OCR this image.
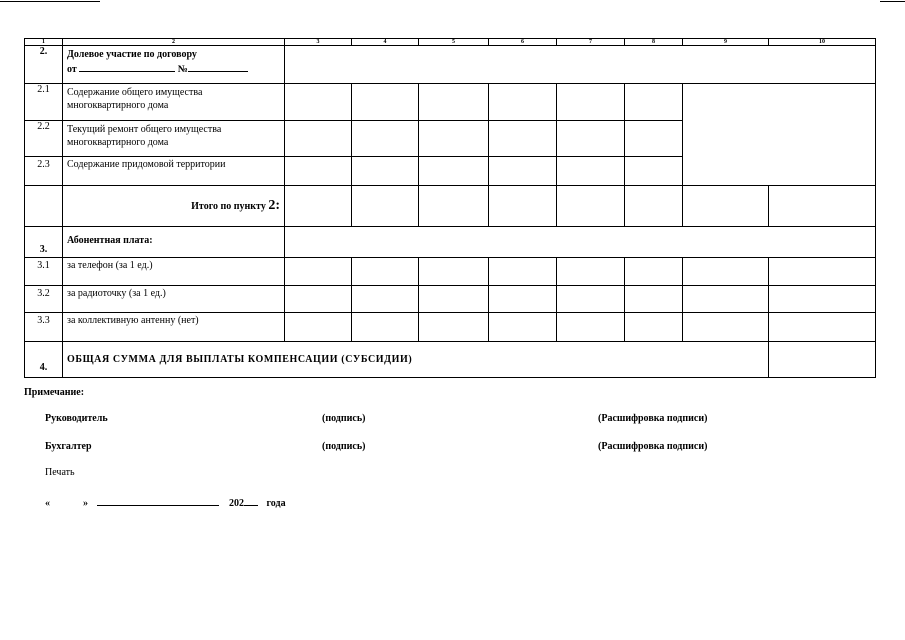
1	2	3	4	5	6	7	8	9	10
2.	Долевое участие по договору
от №								
2.1	Содержание общего имущества многоквартирного дома								
2.2	Текущий ремонт общего имущества многоквартирного дома								
2.3	Содержание придомовой территории								
	Итого по пункту 2:								
3.	Абонентная плата:								
3.1	за телефон (за 1 ед.)								
3.2	за радиоточку (за 1 ед.)								
3.3	за коллективную антенну (нет)								
4.	ОБЩАЯ СУММА ДЛЯ ВЫПЛАТЫ КОМПЕНСАЦИИ (СУБСИДИИ)								
Примечание:
Руководитель	(подпись)	(Расшифровка подписи)
Бухгалтер	(подпись)	(Расшифровка подписи)
Печать
«	»	202 года
